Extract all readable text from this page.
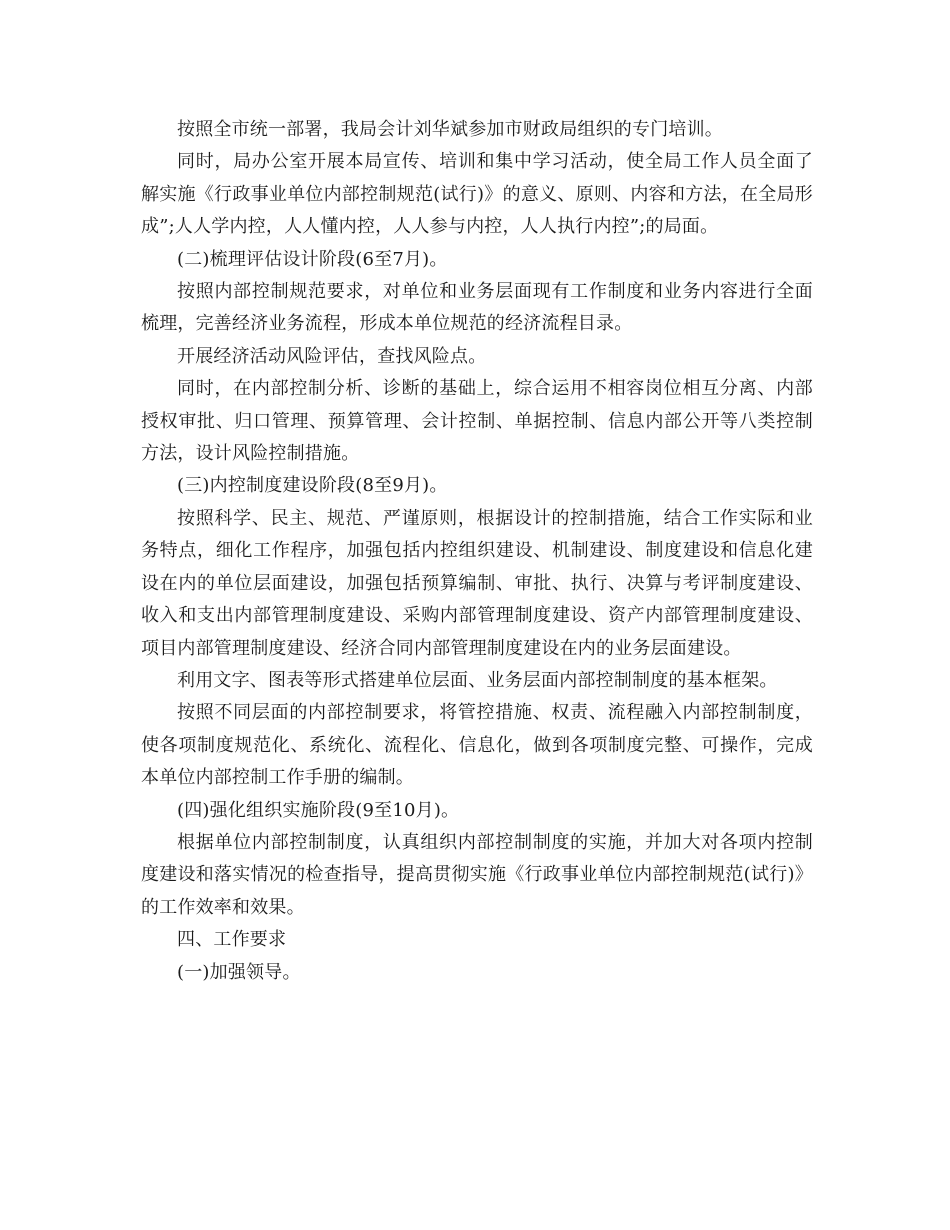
按照全市统一部署，我局会计刘华斌参加市财政局组织的专门培训。

同时，局办公室开展本局宣传、培训和集中学习活动，使全局工作人员全面了解实施《行政事业单位内部控制规范(试行)》的意义、原则、内容和方法，在全局形成”;人人学内控，人人懂内控，人人参与内控，人人执行内控”;的局面。

(二)梳理评估设计阶段(6至7月)。

按照内部控制规范要求，对单位和业务层面现有工作制度和业务内容进行全面梳理，完善经济业务流程，形成本单位规范的经济流程目录。

开展经济活动风险评估，查找风险点。

同时，在内部控制分析、诊断的基础上，综合运用不相容岗位相互分离、内部授权审批、归口管理、预算管理、会计控制、单据控制、信息内部公开等八类控制方法，设计风险控制措施。

(三)内控制度建设阶段(8至9月)。

按照科学、民主、规范、严谨原则，根据设计的控制措施，结合工作实际和业务特点，细化工作程序，加强包括内控组织建设、机制建设、制度建设和信息化建设在内的单位层面建设，加强包括预算编制、审批、执行、决算与考评制度建设、收入和支出内部管理制度建设、采购内部管理制度建设、资产内部管理制度建设、项目内部管理制度建设、经济合同内部管理制度建设在内的业务层面建设。

利用文字、图表等形式搭建单位层面、业务层面内部控制制度的基本框架。

按照不同层面的内部控制要求，将管控措施、权责、流程融入内部控制制度，使各项制度规范化、系统化、流程化、信息化，做到各项制度完整、可操作，完成本单位内部控制工作手册的编制。

(四)强化组织实施阶段(9至10月)。

根据单位内部控制制度，认真组织内部控制制度的实施，并加大对各项内控制度建设和落实情况的检查指导，提高贯彻实施《行政事业单位内部控制规范(试行)》的工作效率和效果。

四、工作要求

(一)加强领导。
